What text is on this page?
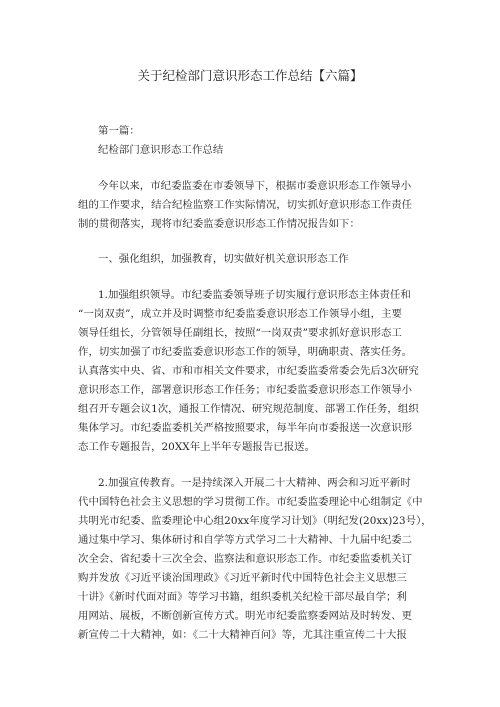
关于纪检部门意识形态工作总结【六篇】
第一篇：
纪检部门意识形态工作总结
今年以来，市纪委监委在市委领导下，根据市委意识形态工作领导小
组的工作要求，结合纪检监察工作实际情况，切实抓好意识形态工作责任
制的贯彻落实，现将市纪委监委意识形态工作情况报告如下：
一、强化组织，加强教育，切实做好机关意识形态工作
1.加强组织领导。市纪委监委领导班子切实履行意识形态主体责任和
“一岗双责”，成立并及时调整市纪委监委意识形态工作领导小组，主要
领导任组长，分管领导任副组长，按照“一岗双责”要求抓好意识形态工
作，切实加强了市纪委监委意识形态工作的领导，明确职责、落实任务。
认真落实中央、省、市和市相关文件要求，市纪委监委常委会先后3次研究
意识形态工作，部署意识形态工作任务；市纪委监委意识形态工作领导小
组召开专题会议1次，通报工作情况、研究规范制度、部署工作任务，组织
集体学习。市纪委监委机关严格按照要求，每半年向市委报送一次意识形
态工作专题报告，20XX年上半年专题报告已报送。
2.加强宣传教育。一是持续深入开展二十大精神、两会和习近平新时
代中国特色社会主义思想的学习贯彻工作。市纪委监委理论中心组制定《中
共明光市纪委、监委理论中心组20xx年度学习计划》（明纪发(20xx)23号），
通过集中学习、集体研讨和自学等方式学习二十大精神、十九届中纪委二
次全会、省纪委十三次全会、监察法和意识形态工作。市纪委监委机关订
购并发放《习近平谈治国理政》《习近平新时代中国特色社会主义思想三
十讲》《新时代面对面》等学习书籍，组织委机关纪检干部尽最自学；利
用网站、展板，不断创新宣传方式。明光市纪委监察委网站及时转发、更
新宣传二十大精神，如：《二十大精神百问》等，尤其注重宣传二十大报
